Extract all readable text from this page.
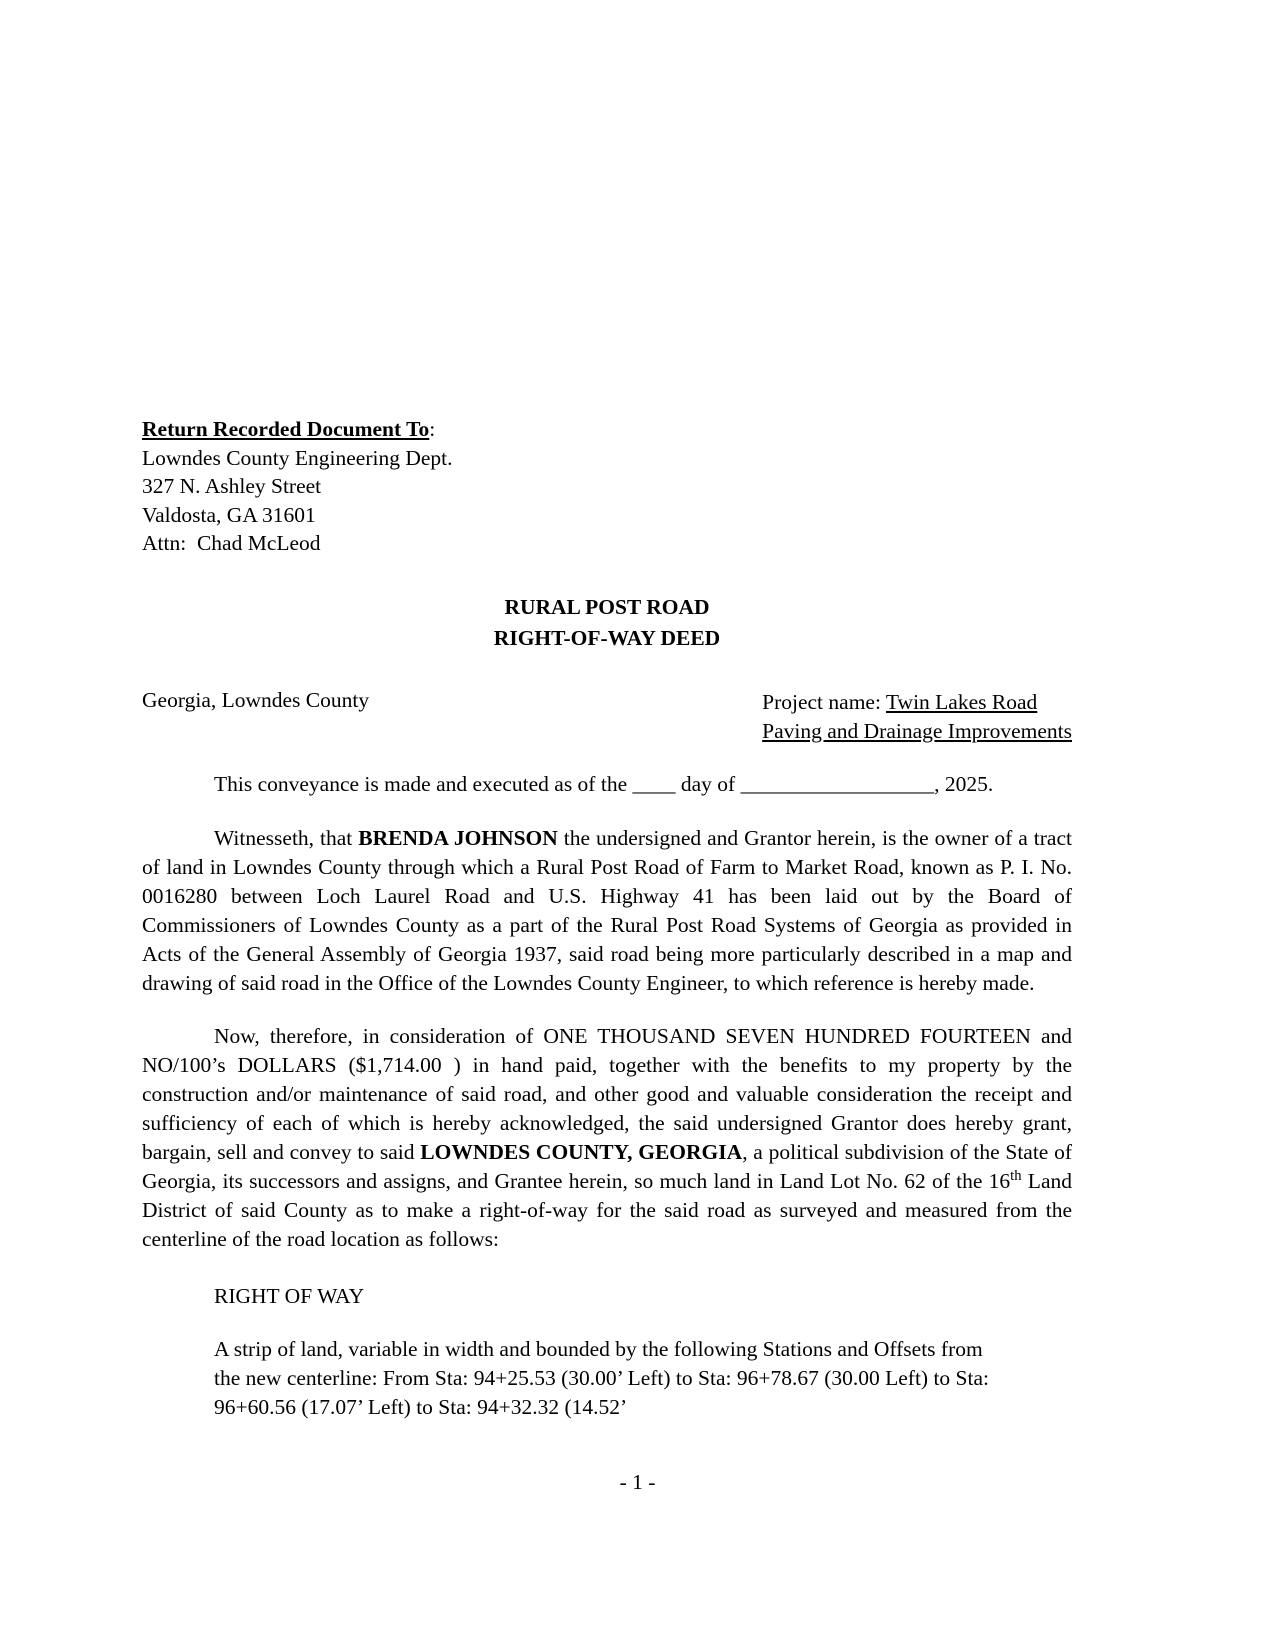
Return Recorded Document To:
Lowndes County Engineering Dept.
327 N. Ashley Street
Valdosta, GA 31601
Attn:  Chad McLeod
RURAL POST ROAD
RIGHT-OF-WAY DEED
Georgia, Lowndes County	Project name: Twin Lakes Road
Paving and Drainage Improvements
This conveyance is made and executed as of the ____ day of __________________, 2025.
Witnesseth, that BRENDA JOHNSON the undersigned and Grantor herein, is the owner of a tract of land in Lowndes County through which a Rural Post Road of Farm to Market Road, known as P. I. No. 0016280 between Loch Laurel Road and U.S. Highway 41 has been laid out by the Board of Commissioners of Lowndes County as a part of the Rural Post Road Systems of Georgia as provided in Acts of the General Assembly of Georgia 1937, said road being more particularly described in a map and drawing of said road in the Office of the Lowndes County Engineer, to which reference is hereby made.
Now, therefore, in consideration of ONE THOUSAND SEVEN HUNDRED FOURTEEN and NO/100’s DOLLARS ($1,714.00 ) in hand paid, together with the benefits to my property by the construction and/or maintenance of said road, and other good and valuable consideration the receipt and sufficiency of each of which is hereby acknowledged, the said undersigned Grantor does hereby grant, bargain, sell and convey to said LOWNDES COUNTY, GEORGIA, a political subdivision of the State of Georgia, its successors and assigns, and Grantee herein, so much land in Land Lot No. 62 of the 16th Land District of said County as to make a right-of-way for the said road as surveyed and measured from the centerline of the road location as follows:
RIGHT OF WAY
A strip of land, variable in width and bounded by the following Stations and Offsets from the new centerline: From Sta: 94+25.53 (30.00’ Left) to Sta: 96+78.67 (30.00 Left) to Sta: 96+60.56 (17.07’ Left) to Sta: 94+32.32 (14.52’
- 1 -
